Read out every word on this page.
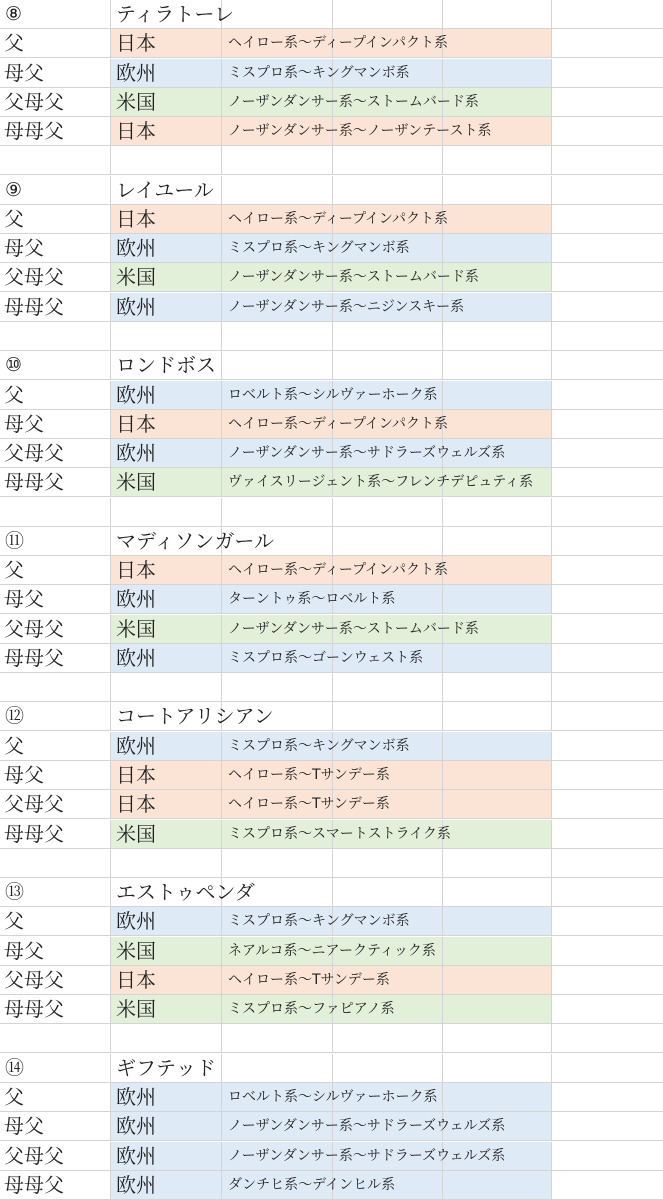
⑧	ティラトーレ
父	日本	ヘイロー系～ディープインパクト系
母父	欧州	ミスプロ系～キングマンボ系
父母父	米国	ノーザンダンサー系～ストームバード系
母母父	日本	ノーザンダンサー系～ノーザンテースト系
⑨	レイユール
父	日本	ヘイロー系～ディープインパクト系
母父	欧州	ミスプロ系～キングマンボ系
父母父	米国	ノーザンダンサー系～ストームバード系
母母父	欧州	ノーザンダンサー系～ニジンスキー系
⑩	ロンドボス
父	欧州	ロベルト系～シルヴァーホーク系
母父	日本	ヘイロー系～ディープインパクト系
父母父	欧州	ノーザンダンサー系～サドラーズウェルズ系
母母父	米国	ヴァイスリージェント系～フレンチデピュティ系
⑪	マディソンガール
父	日本	ヘイロー系～ディープインパクト系
母父	欧州	ターントゥ系～ロベルト系
父母父	米国	ノーザンダンサー系～ストームバード系
母母父	欧州	ミスプロ系～ゴーンウェスト系
⑫	コートアリシアン
父	欧州	ミスプロ系～キングマンボ系
母父	日本	ヘイロー系～Tサンデー系
父母父	日本	ヘイロー系～Tサンデー系
母母父	米国	ミスプロ系～スマートストライク系
⑬	エストゥペンダ
父	欧州	ミスプロ系～キングマンボ系
母父	米国	ネアルコ系～ニアークティック系
父母父	日本	ヘイロー系～Tサンデー系
母母父	米国	ミスプロ系～ファピアノ系
⑭	ギフテッド
父	欧州	ロベルト系～シルヴァーホーク系
母父	欧州	ノーザンダンサー系～サドラーズウェルズ系
父母父	欧州	ノーザンダンサー系～サドラーズウェルズ系
母母父	欧州	ダンチヒ系～デインヒル系
